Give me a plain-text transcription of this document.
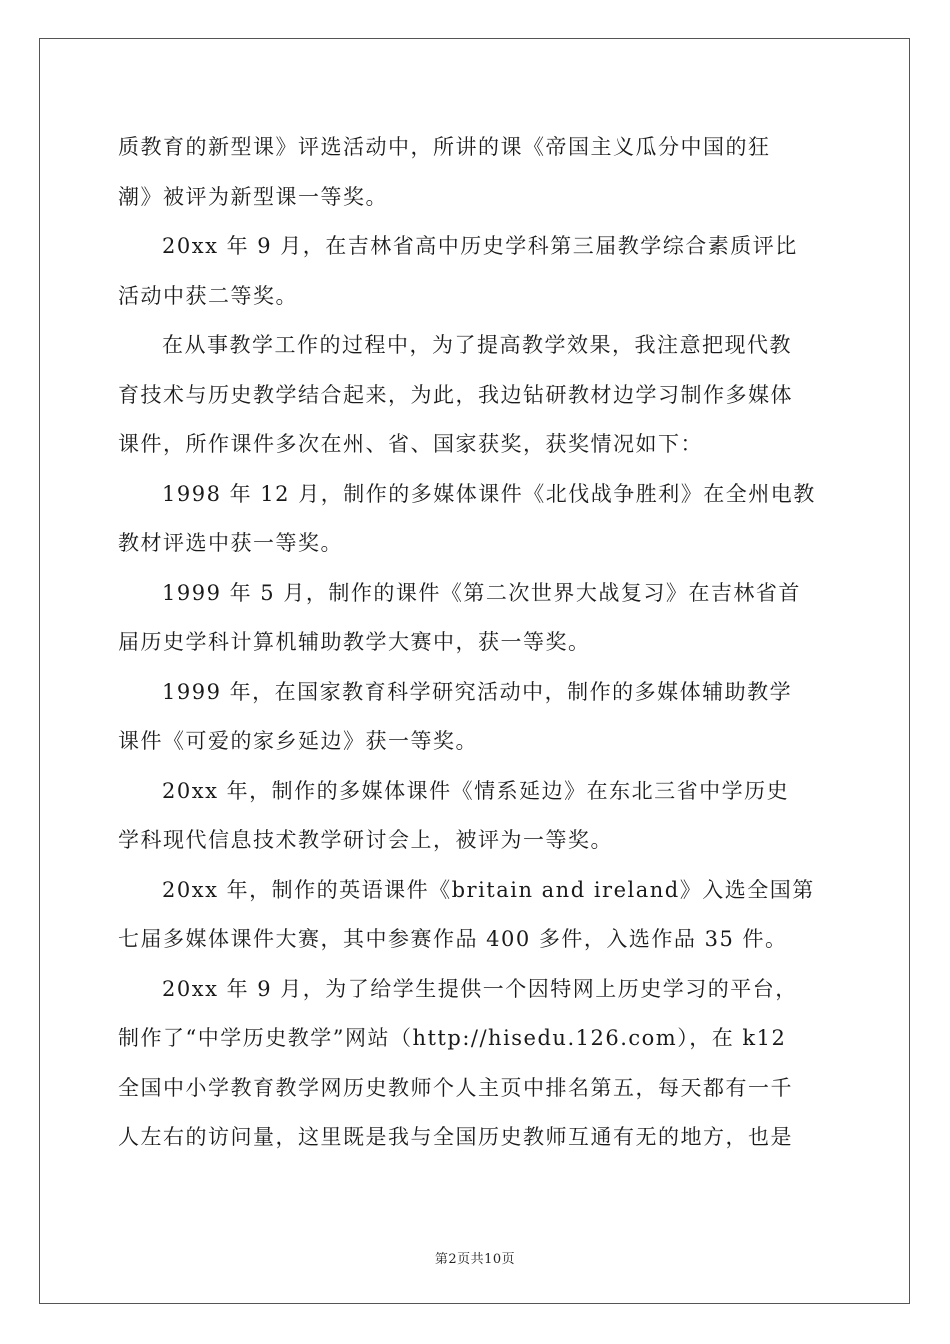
质教育的新型课》评选活动中，所讲的课《帝国主义瓜分中国的狂
潮》被评为新型课一等奖。
20xx 年 9 月，在吉林省高中历史学科第三届教学综合素质评比
活动中获二等奖。
在从事教学工作的过程中，为了提高教学效果，我注意把现代教
育技术与历史教学结合起来，为此，我边钻研教材边学习制作多媒体
课件，所作课件多次在州、省、国家获奖，获奖情况如下：
1998 年 12 月，制作的多媒体课件《北伐战争胜利》在全州电教
教材评选中获一等奖。
1999 年 5 月，制作的课件《第二次世界大战复习》在吉林省首
届历史学科计算机辅助教学大赛中，获一等奖。
1999 年，在国家教育科学研究活动中，制作的多媒体辅助教学
课件《可爱的家乡延边》获一等奖。
20xx 年，制作的多媒体课件《情系延边》在东北三省中学历史
学科现代信息技术教学研讨会上，被评为一等奖。
20xx 年，制作的英语课件《britain and ireland》入选全国第
七届多媒体课件大赛，其中参赛作品 400 多件，入选作品 35 件。
20xx 年 9 月，为了给学生提供一个因特网上历史学习的平台，
制作了“中学历史教学”网站（http://hisedu.126.com），在 k12
全国中小学教育教学网历史教师个人主页中排名第五，每天都有一千
人左右的访问量，这里既是我与全国历史教师互通有无的地方，也是
第2页共10页
